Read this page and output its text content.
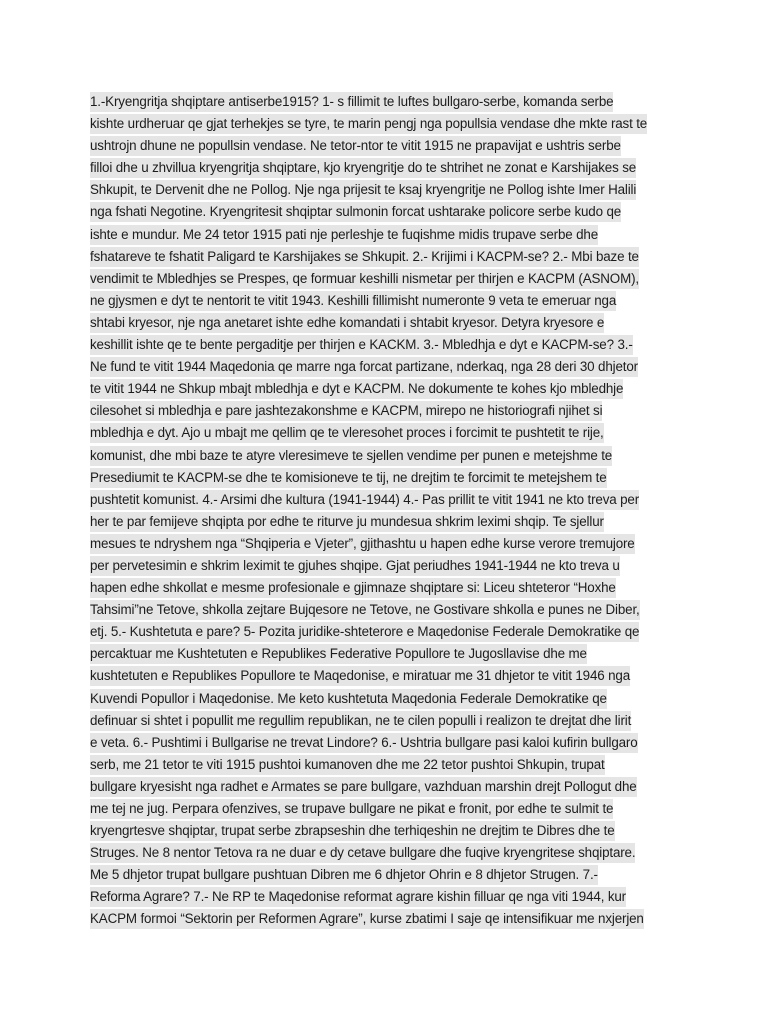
1.-Kryengritja shqiptare antiserbe1915? 1- s fillimit te luftes bullgaro-serbe, komanda serbe
kishte urdheruar qe gjat terhekjes se tyre, te marin pengj nga popullsia vendase dhe mkte rast te
ushtrojn dhune ne popullsin vendase. Ne tetor-ntor te vitit 1915 ne prapavijat e ushtris serbe
filloi dhe u zhvillua kryengritja shqiptare, kjo kryengritje do te shtrihet ne zonat e Karshijakes se
Shkupit, te Dervenit dhe ne Pollog. Nje nga prijesit te ksaj kryengritje ne Pollog ishte Imer Halili
nga fshati Negotine. Kryengritesit shqiptar sulmonin forcat ushtarake policore serbe kudo qe
ishte e mundur. Me 24 tetor 1915 pati nje perleshje te fuqishme midis trupave serbe dhe
fshatareve te fshatit Paligard te Karshijakes se Shkupit. 2.- Krijimi i KACPM-se? 2.- Mbi baze te
vendimit te Mbledhjes se Prespes, qe formuar keshilli nismetar per thirjen e KACPM (ASNOM),
ne gjysmen e dyt te nentorit te vitit 1943. Keshilli fillimisht numeronte 9 veta te emeruar nga
shtabi kryesor, nje nga anetaret ishte edhe komandati i shtabit kryesor. Detyra kryesore e
keshillit ishte qe te bente pergaditje per thirjen e KACKM. 3.- Mbledhja e dyt e KACPM-se? 3.-
Ne fund te vitit 1944 Maqedonia qe marre nga forcat partizane, nderkaq, nga 28 deri 30 dhjetor
te vitit 1944 ne Shkup mbajt mbledhja e dyt e KACPM. Ne dokumente te kohes kjo mbledhje
cilesohet si mbledhja e pare jashtezakonshme e KACPM, mirepo ne historiografi njihet si
mbledhja e dyt. Ajo u mbajt me qellim qe te vleresohet proces i forcimit te pushtetit te rije,
komunist, dhe mbi baze te atyre vleresimeve te sjellen vendime per punen e metejshme te
Presediumit te KACPM-se dhe te komisioneve te tij, ne drejtim te forcimit te metejshem te
pushtetit komunist. 4.- Arsimi dhe kultura (1941-1944) 4.- Pas prillit te vitit 1941 ne kto treva per
her te par femijeve shqipta por edhe te riturve ju mundesua shkrim leximi shqip. Te sjellur
mesues te ndryshem nga “Shqiperia e Vjeter”, gjithashtu u hapen edhe kurse verore tremujore
per pervetesimin e shkrim leximit te gjuhes shqipe. Gjat periudhes 1941-1944 ne kto treva u
hapen edhe shkollat e mesme profesionale e gjimnaze shqiptare si: Liceu shteteror “Hoxhe
Tahsimi”ne Tetove, shkolla zejtare Bujqesore ne Tetove, ne Gostivare shkolla e punes ne Diber,
etj. 5.- Kushtetuta e pare? 5- Pozita juridike-shteterore e Maqedonise Federale Demokratike qe
percaktuar me Kushtetuten e Republikes Federative Popullore te Jugosllavise dhe me
kushtetuten e Republikes Popullore te Maqedonise, e miratuar me 31 dhjetor te vitit 1946 nga
Kuvendi Popullor i Maqedonise. Me keto kushtetuta Maqedonia Federale Demokratike qe
definuar si shtet i popullit me regullim republikan, ne te cilen populli i realizon te drejtat dhe lirit
e veta. 6.- Pushtimi i Bullgarise ne trevat Lindore? 6.- Ushtria bullgare pasi kaloi kufirin bullgaro
serb, me 21 tetor te viti 1915 pushtoi kumanoven dhe me 22 tetor pushtoi Shkupin, trupat
bullgare kryesisht nga radhet e Armates se pare bullgare, vazhduan marshin drejt Pollogut dhe
me tej ne jug. Perpara ofenzives, se trupave bullgare ne pikat e fronit, por edhe te sulmit te
kryengrtesve shqiptar, trupat serbe zbrapseshin dhe terhiqeshin ne drejtim te Dibres dhe te
Struges. Ne 8 nentor Tetova ra ne duar e dy cetave bullgare dhe fuqive kryengritese shqiptare.
Me 5 dhjetor trupat bullgare pushtuan Dibren me 6 dhjetor Ohrin e 8 dhjetor Strugen. 7.-
Reforma Agrare? 7.- Ne RP te Maqedonise reformat agrare kishin filluar qe nga viti 1944, kur
KACPM formoi “Sektorin per Reformen Agrare”, kurse zbatimi I saje qe intensifikuar me nxjerjen
